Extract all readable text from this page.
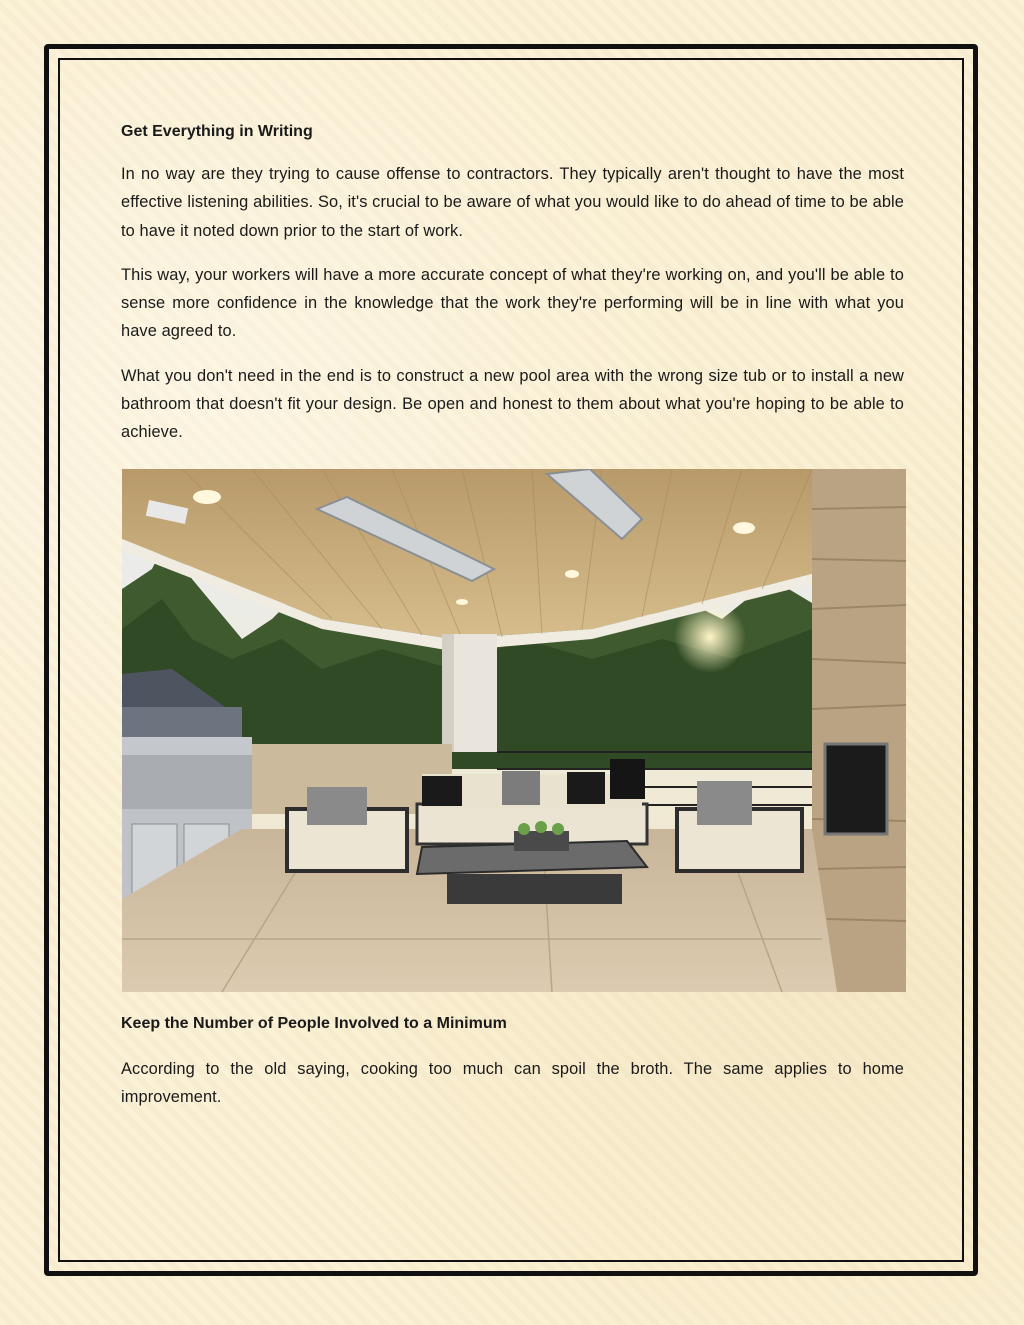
Get Everything in Writing

In no way are they trying to cause offense to contractors. They typically aren't thought to have the most effective listening abilities. So, it's crucial to be aware of what you would like to do ahead of time to be able to have it noted down prior to the start of work.

This way, your workers will have a more accurate concept of what they're working on, and you'll be able to sense more confidence in the knowledge that the work they're performing will be in line with what you have agreed to.

What you don't need in the end is to construct a new pool area with the wrong size tub or to install a new bathroom that doesn't fit your design. Be open and honest to them about what you're hoping to be able to achieve.

Keep the Number of People Involved to a Minimum

According to the old saying, cooking too much can spoil the broth. The same applies to home improvement.
